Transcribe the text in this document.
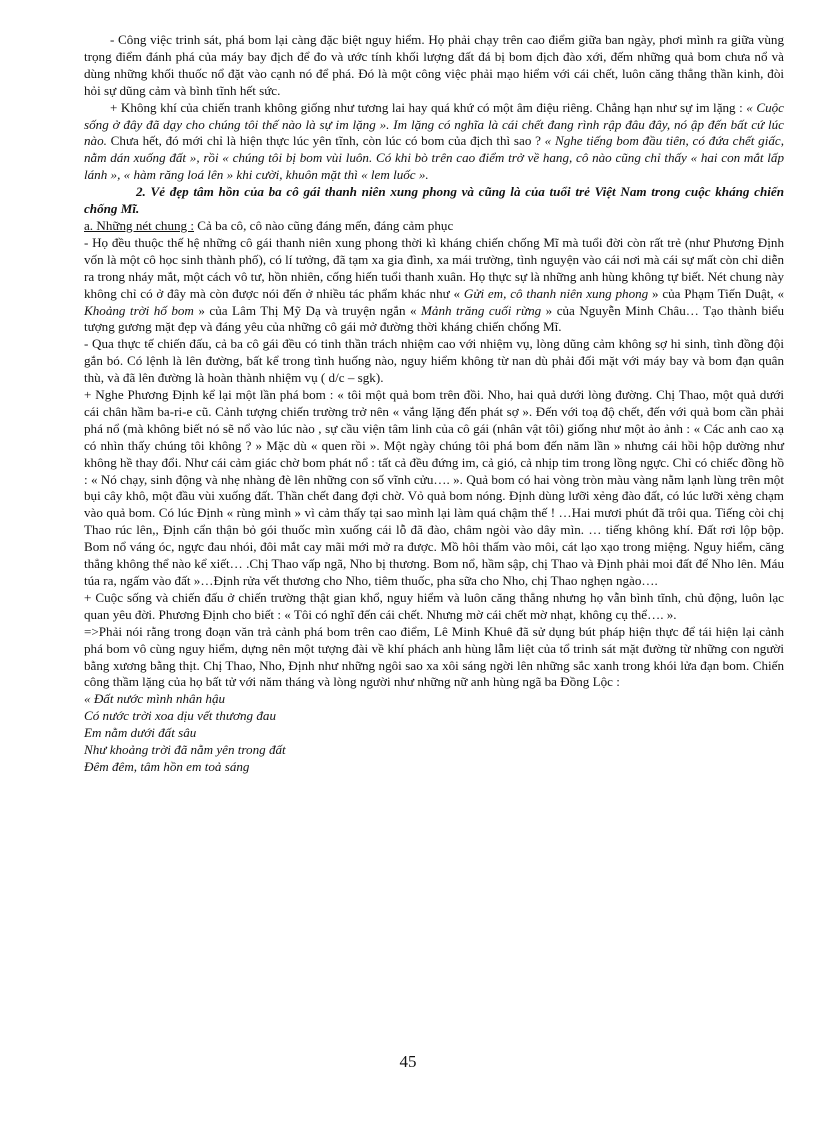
- Công việc trinh sát, phá bom lại càng đặc biệt nguy hiểm. Họ phải chạy trên cao điểm giữa ban ngày, phơi mình ra giữa vùng trọng điểm đánh phá của máy bay địch để đo và ước tính khối lượng đất đá bị bom địch đào xới, đếm những quả bom chưa nổ và dùng những khối thuốc nổ đặt vào cạnh nó để phá. Đó là một công việc phải mạo hiểm với cái chết, luôn căng thẳng thần kinh, đòi hỏi sự dũng cảm và bình tĩnh hết sức.

+ Không khí của chiến tranh không giống như tương lai hay quá khứ có một âm điệu riêng. Chẳng hạn như sự im lặng : « Cuộc sống ở đây đã dạy cho chúng tôi thế nào là sự im lặng ». Im lặng có nghĩa là cái chết đang rình rập đâu đây, nó ập đến bất cứ lúc nào. Chưa hết, đó mới chỉ là hiện thực lúc yên tĩnh, còn lúc có bom của địch thì sao ? « Nghe tiếng bom đầu tiên, có đứa chết giấc, nằm dán xuống đất », rồi « chúng tôi bị bom vùi luôn. Có khi bò trên cao điểm trở về hang, cô nào cũng chỉ thấy « hai con mắt lấp lánh », « hàm răng loá lên » khi cười, khuôn mặt thì « lem luốc ».

2. Vẻ đẹp tâm hồn của ba cô gái thanh niên xung phong và cũng là của tuổi trẻ Việt Nam trong cuộc kháng chiến chống Mĩ.

a. Những nét chung : Cả ba cô, cô nào cũng đáng mến, đáng cảm phục

- Họ đều thuộc thế hệ những cô gái thanh niên xung phong thời kì kháng chiến chống Mĩ mà tuổi đời còn rất trẻ (như Phương Định vốn là một cô học sinh thành phố), có lí tưởng, đã tạm xa gia đình, xa mái trường, tình nguyện vào cái nơi mà cái sự mất còn chỉ diễn ra trong nháy mắt, một cách vô tư, hồn nhiên, cống hiến tuổi thanh xuân. Họ thực sự là những anh hùng không tự biết. Nét chung này không chỉ có ở đây mà còn được nói đến ở nhiều tác phẩm khác như « Gửi em, cô thanh niên xung phong » của Phạm Tiến Duật, « Khoảng trời hố bom » của Lâm Thị Mỹ Dạ và truyện ngắn « Mảnh trăng cuối rừng » của Nguyễn Minh Châu… Tạo thành biểu tượng gương mặt đẹp và đáng yêu của những cô gái mở đường thời kháng chiến chống Mĩ.

- Qua thực tế chiến đấu, cả ba cô gái đều có tinh thần trách nhiệm cao với nhiệm vụ, lòng dũng cảm không sợ hi sinh, tình đồng đội gắn bó. Có lệnh là lên đường, bất kể trong tình huống nào, nguy hiểm không từ nan dù phải đối mặt với máy bay và bom đạn quân thù, và đã lên đường là hoàn thành nhiệm vụ ( d/c – sgk).

+ Nghe Phương Định kể lại một lần phá bom : « tôi một quả bom trên đồi. Nho, hai quả dưới lòng đường. Chị Thao, một quả dưới cái chân hầm ba-ri-e cũ. Cảnh tượng chiến trường trở nên « vắng lặng đến phát sợ ». Đến với toạ độ chết, đến với quả bom cần phải phá nổ (mà không biết nó sẽ nổ vào lúc nào , sự cầu viện tâm linh của cô gái (nhân vật tôi) giống như một ảo ảnh : « Các anh cao xạ có nhìn thấy chúng tôi không ? » Mặc dù « quen rồi ». Một ngày chúng tôi phá bom đến năm lần » nhưng cái hồi hộp dường như không hề thay đổi. Như cái cảm giác chờ bom phát nổ : tất cả đều đứng im, cả gió, cả nhịp tim trong lồng ngực. Chỉ có chiếc đồng hồ : « Nó chạy, sinh động và nhẹ nhàng đè lên những con số vĩnh cửu…. ». Quả bom có hai vòng tròn màu vàng nằm lạnh lùng trên một bụi cây khô, một đầu vùi xuống đất. Thần chết đang đợi chờ. Vỏ quả bom nóng. Định dùng lưỡi xẻng đào đất, có lúc lưỡi xẻng chạm vào quả bom. Có lúc Định « rùng mình » vì cảm thấy tại sao mình lại làm quá chậm thế ! …Hai mươi phút đã trôi qua. Tiếng còi chị Thao rúc lên,, Định cẩn thận bỏ gói thuốc mìn xuống cái lỗ đã đào, châm ngòi vào dây mìn. … tiếng không khí. Đất rơi lộp bộp. Bom nổ váng óc, ngực đau nhói, đôi mắt cay mãi mới mở ra được. Mồ hôi thấm vào môi, cát lạo xạo trong miệng. Nguy hiểm, căng thẳng không thể nào kể xiết… .Chị Thao vấp ngã, Nho bị thương. Bom nổ, hầm sập, chị Thao và Định phải moi đất để Nho lên. Máu túa ra, ngấm vào đất »…Định rửa vết thương cho Nho, tiêm thuốc, pha sữa cho Nho, chị Thao nghẹn ngào….

+ Cuộc sống và chiến đấu ở chiến trường thật gian khổ, nguy hiểm và luôn căng thẳng nhưng họ vẫn bình tĩnh, chủ động, luôn lạc quan yêu đời. Phương Định cho biết : « Tôi có nghĩ đến cái chết. Nhưng mờ cái chết mờ nhạt, không cụ thể…. ».

=>Phải nói rằng trong đoạn văn trả cảnh phá bom trên cao điểm, Lê Minh Khuê đã sử dụng bút pháp hiện thực để tái hiện lại cảnh phá bom vô cùng nguy hiểm, dựng nên một tượng đài về khí phách anh hùng lẫm liệt của tổ trinh sát mặt đường từ những con người bằng xương bằng thịt. Chị Thao, Nho, Định như những ngôi sao xa xôi sáng ngời lên những sắc xanh trong khói lửa đạn bom. Chiến công thầm lặng của họ bất tử với năm tháng và lòng người như những nữ anh hùng ngã ba Đồng Lộc :

« Đất nước mình nhân hậu

Có nước trời xoa dịu vết thương đau

Em nằm dưới đất sâu

Như khoảng trời đã nằm yên trong đất

Đêm đêm, tâm hồn em toả sáng

45
